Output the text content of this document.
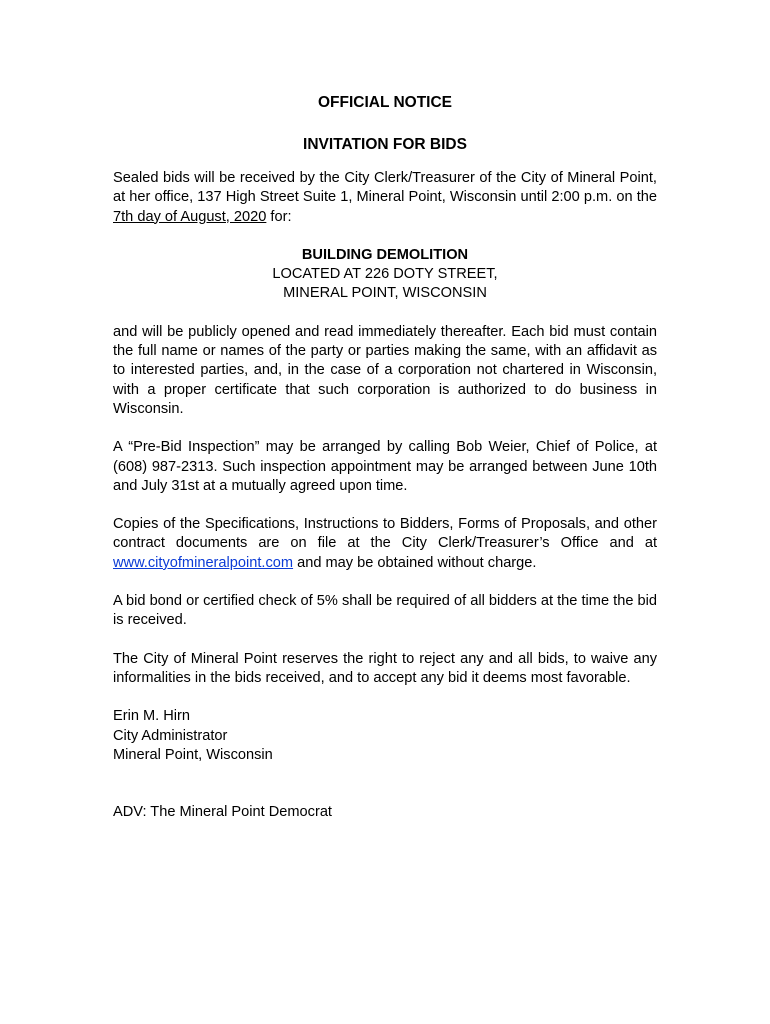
OFFICIAL NOTICE
INVITATION FOR BIDS

Sealed bids will be received by the City Clerk/Treasurer of the City of Mineral Point, at her office, 137 High Street Suite 1, Mineral Point, Wisconsin until 2:00 p.m. on the 7th day of August, 2020 for:

BUILDING DEMOLITION
LOCATED AT 226 DOTY STREET,
MINERAL POINT, WISCONSIN

and will be publicly opened and read immediately thereafter. Each bid must contain the full name or names of the party or parties making the same, with an affidavit as to interested parties, and, in the case of a corporation not chartered in Wisconsin, with a proper certificate that such corporation is authorized to do business in Wisconsin.

A “Pre-Bid Inspection” may be arranged by calling Bob Weier, Chief of Police, at (608) 987-2313. Such inspection appointment may be arranged between June 10th and July 31st at a mutually agreed upon time.

Copies of the Specifications, Instructions to Bidders, Forms of Proposals, and other contract documents are on file at the City Clerk/Treasurer’s Office and at www.cityofmineralpoint.com and may be obtained without charge.

A bid bond or certified check of 5% shall be required of all bidders at the time the bid is received.

The City of Mineral Point reserves the right to reject any and all bids, to waive any informalities in the bids received, and to accept any bid it deems most favorable.

Erin M. Hirn
City Administrator
Mineral Point, Wisconsin
ADV: The Mineral Point Democrat
